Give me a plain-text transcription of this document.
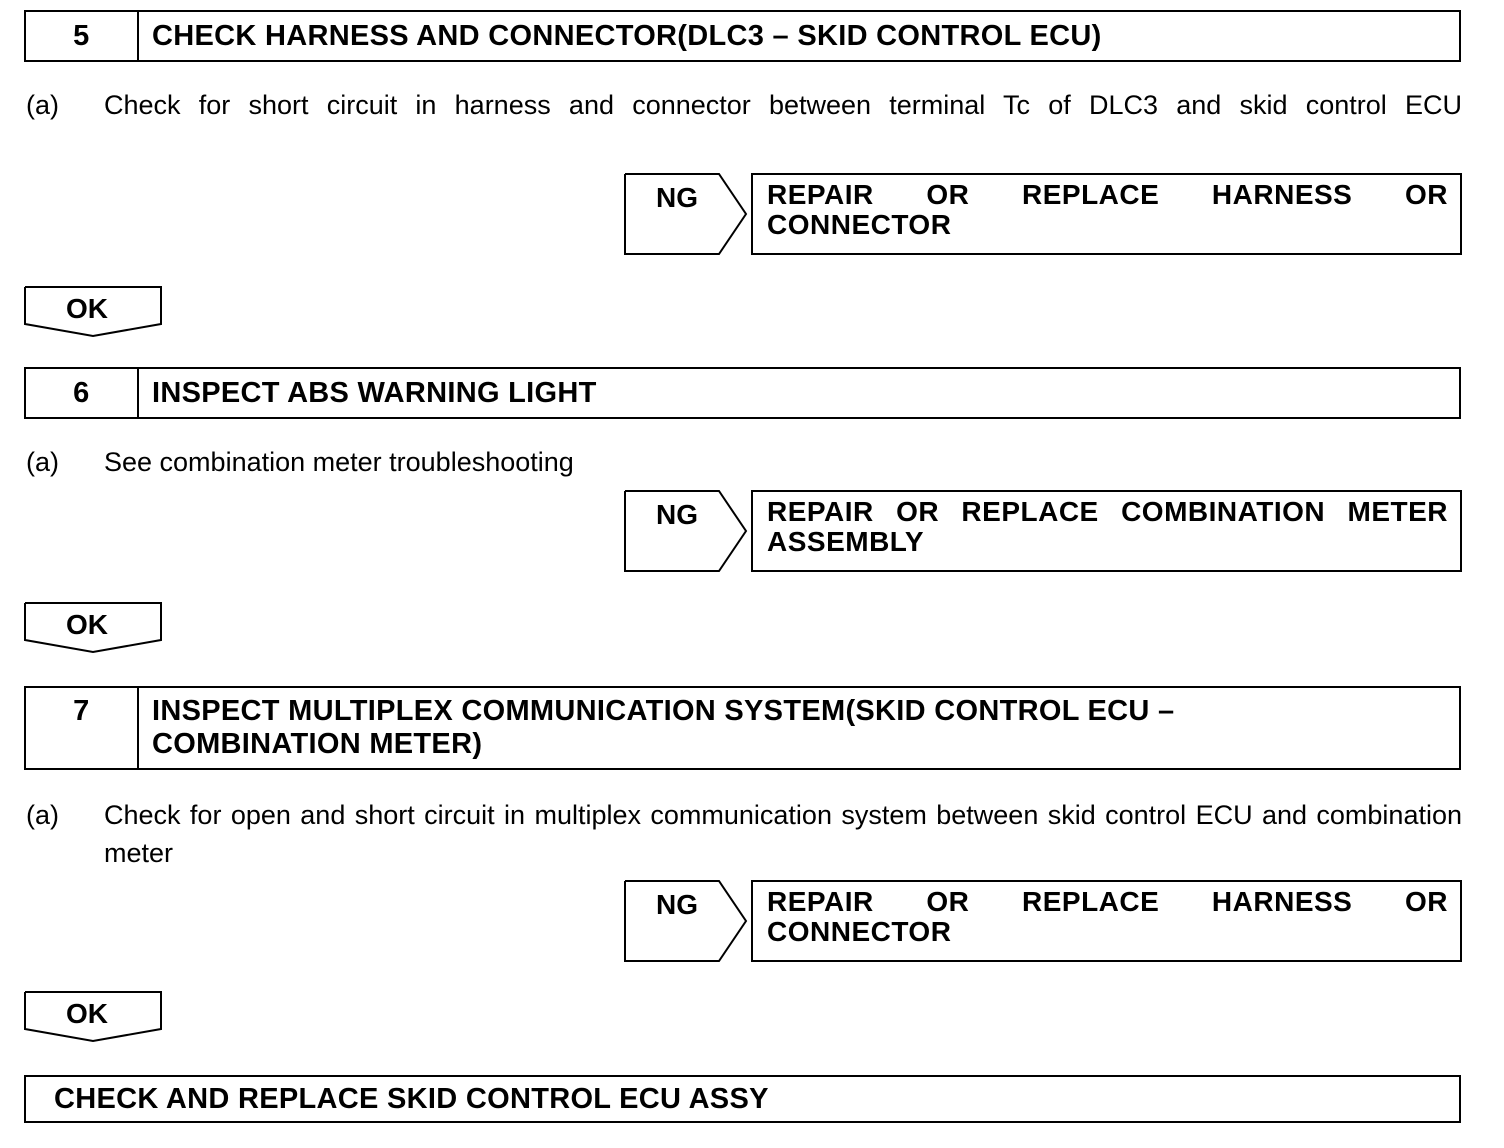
5	CHECK HARNESS AND CONNECTOR(DLC3 – SKID CONTROL ECU)
(a) Check for short circuit in harness and connector between terminal Tc of DLC3 and skid control ECU
NG REPAIR OR REPLACE HARNESS OR
CONNECTOR
OK
6	INSPECT ABS WARNING LIGHT
(a) See combination meter troubleshooting
NG REPAIR OR REPLACE COMBINATION METER
ASSEMBLY
OK
7	INSPECT MULTIPLEX COMMUNICATION SYSTEM(SKID CONTROL ECU –
COMBINATION METER)
(a) Check for open and short circuit in multiplex communication system between skid control ECU and combination meter
NG REPAIR OR REPLACE HARNESS OR
CONNECTOR
OK
CHECK AND REPLACE SKID CONTROL ECU ASSY
